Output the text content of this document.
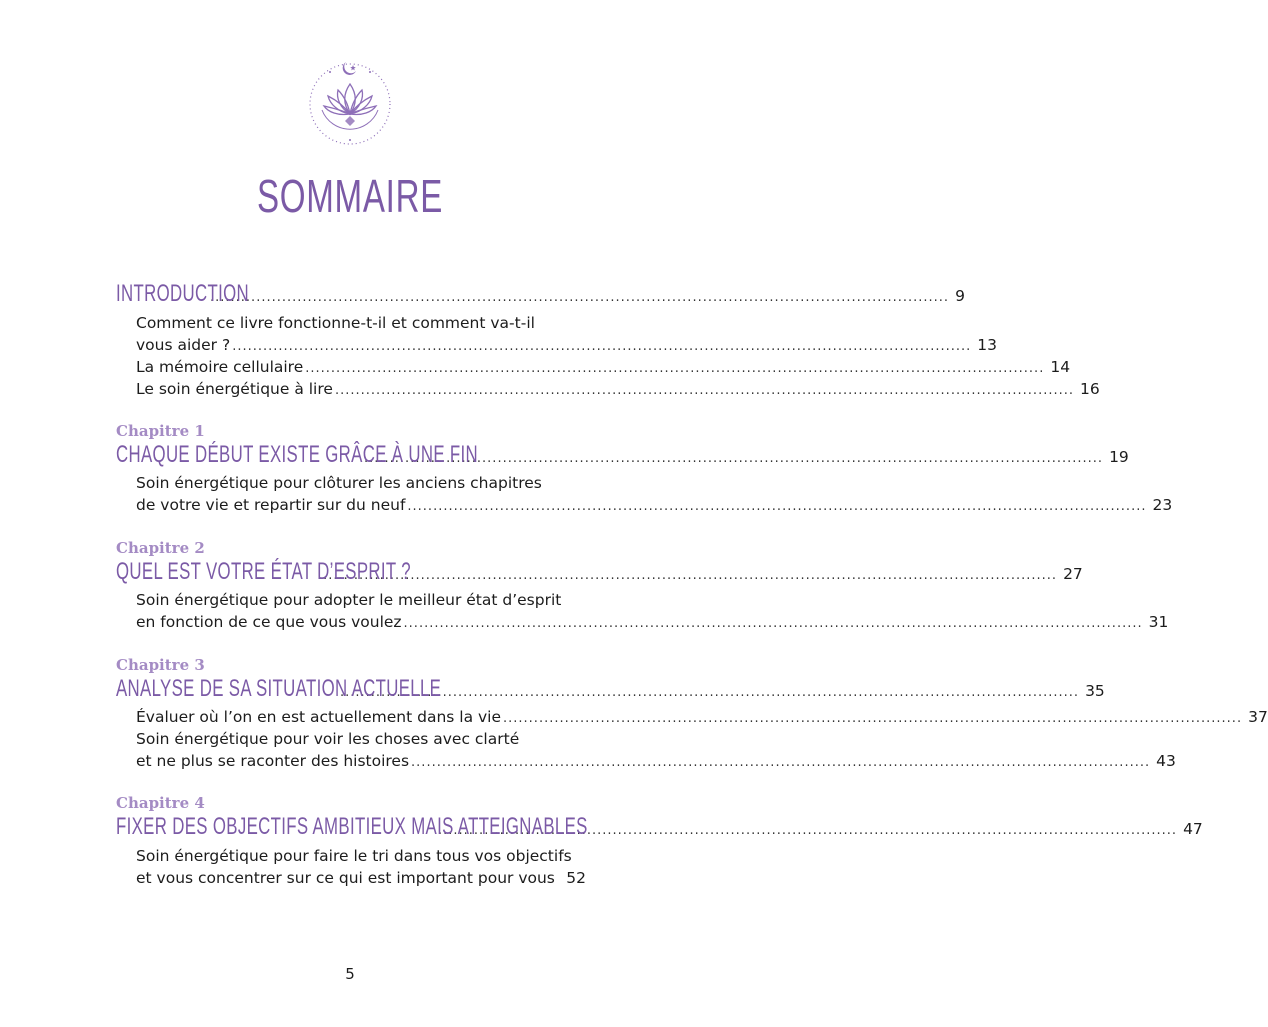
SOMMAIRE
INTRODUCTION
................................................................................................................................................ 9
Comment ce livre fonctionne-t-il et comment va-t-il
vous aider ? ................................................................................................................................................ 13
La mémoire cellulaire ................................................................................................................................................ 14
Le soin énergétique à lire ................................................................................................................................................ 16
Chapitre 1
CHAQUE DÉBUT EXISTE GRÂCE À UNE FIN
................................................................................................................................................ 19
Soin énergétique pour clôturer les anciens chapitres
de votre vie et repartir sur du neuf ................................................................................................................................................ 23
Chapitre 2
QUEL EST VOTRE ÉTAT D’ESPRIT ?
................................................................................................................................................ 27
Soin énergétique pour adopter le meilleur état d’esprit
en fonction de ce que vous voulez ................................................................................................................................................ 31
Chapitre 3
ANALYSE DE SA SITUATION ACTUELLE
................................................................................................................................................ 35
Évaluer où l’on en est actuellement dans la vie ................................................................................................................................................ 37
Soin énergétique pour voir les choses avec clarté
et ne plus se raconter des histoires ................................................................................................................................................ 43
Chapitre 4
FIXER DES OBJECTIFS AMBITIEUX MAIS ATTEIGNABLES
................................................................................................................................................ 47
Soin énergétique pour faire le tri dans tous vos objectifs
et vous concentrer sur ce qui est important pour vous 52
5
